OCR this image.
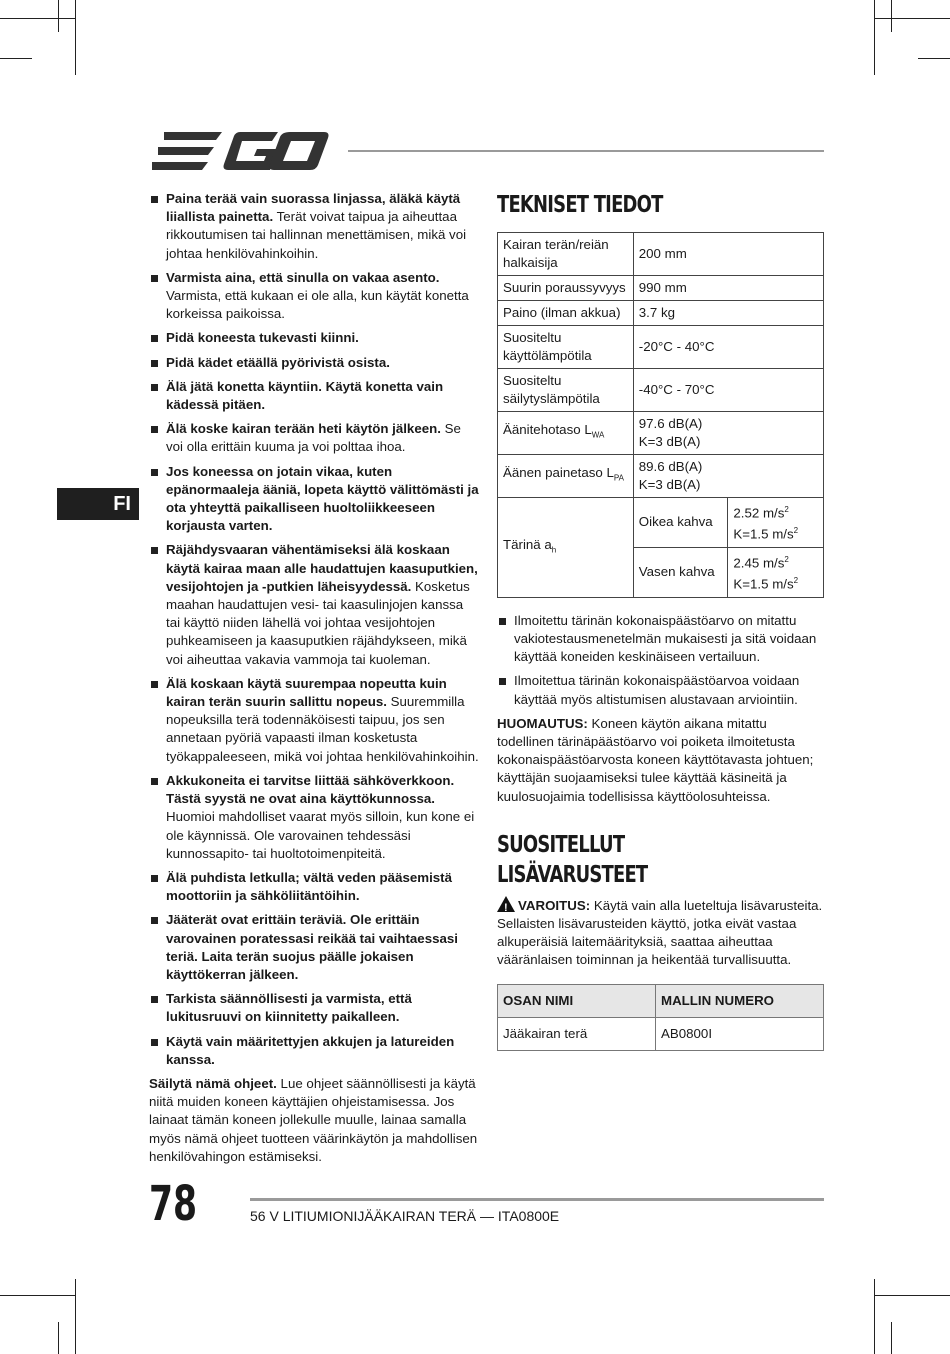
FI
Paina terää vain suorassa linjassa, äläkä käytä liiallista painetta. Terät voivat taipua ja aiheuttaa rikkoutumisen tai hallinnan menettämisen, mikä voi johtaa henkilövahinkoihin.
Varmista aina, että sinulla on vakaa asento. Varmista, että kukaan ei ole alla, kun käytät konetta korkeissa paikoissa.
Pidä koneesta tukevasti kiinni.
Pidä kädet etäällä pyörivistä osista.
Älä jätä konetta käyntiin. Käytä konetta vain kädessä pitäen.
Älä koske kairan terään heti käytön jälkeen. Se voi olla erittäin kuuma ja voi polttaa ihoa.
Jos koneessa on jotain vikaa, kuten epänormaaleja ääniä, lopeta käyttö välittömästi ja ota yhteyttä paikalliseen huoltoliikkeeseen korjausta varten.
Räjähdysvaaran vähentämiseksi älä koskaan käytä kairaa maan alle haudattujen kaasuputkien, vesijohtojen ja -putkien läheisyydessä. Kosketus maahan haudattujen vesi- tai kaasulinjojen kanssa tai käyttö niiden lähellä voi johtaa vesijohtojen puhkeamiseen ja kaasuputkien räjähdykseen, mikä voi aiheuttaa vakavia vammoja tai kuoleman.
Älä koskaan käytä suurempaa nopeutta kuin kairan terän suurin sallittu nopeus. Suuremmilla nopeuksilla terä todennäköisesti taipuu, jos sen annetaan pyöriä vapaasti ilman kosketusta työkappaleeseen, mikä voi johtaa henkilövahinkoihin.
Akkukoneita ei tarvitse liittää sähköverkkoon. Tästä syystä ne ovat aina käyttökunnossa. Huomioi mahdolliset vaarat myös silloin, kun kone ei ole käynnissä. Ole varovainen tehdessäsi kunnossapito- tai huoltotoimenpiteitä.
Älä puhdista letkulla; vältä veden pääsemistä moottoriin ja sähköliitäntöihin.
Jääterät ovat erittäin teräviä. Ole erittäin varovainen poratessasi reikää tai vaihtaessasi teriä. Laita terän suojus päälle jokaisen käyttökerran jälkeen.
Tarkista säännöllisesti ja varmista, että lukitusruuvi on kiinnitetty paikalleen.
Käytä vain määritettyjen akkujen ja latureiden kanssa.

Säilytä nämä ohjeet. Lue ohjeet säännöllisesti ja käytä niitä muiden koneen käyttäjien ohjeistamisessa. Jos lainaat tämän koneen jollekulle muulle, lainaa samalla myös nämä ohjeet tuotteen väärinkäytön ja mahdollisen henkilövahingon estämiseksi.

TEKNISET TIEDOT
Kairan terän/reiän halkaisija	200 mm	
Suurin poraussyvyys	990 mm	
Paino (ilman akkua)	3.7 kg	
Suositeltu käyttölämpötila	-20°C - 40°C	
Suositeltu säilytyslämpötila	-40°C - 70°C	
Äänitehotaso $L_{WA}$	97.6 dB(A)
K=3 dB(A)	

Äänen painetaso $L_{PA}$	89.6 dB(A)
K=3 dB(A)	

Tärinä $a_h$	Oikea kahva	2.52 $m/s^2$
K=1.5 $m/s^2$

	Vasen kahva	2.45 $m/s^2$
K=1.5 $m/s^2$
Ilmoitettu tärinän kokonaispäästöarvo on mitattu vakiotestausmenetelmän mukaisesti ja sitä voidaan käyttää koneiden keskinäiseen vertailuun.
Ilmoitettua tärinän kokonaispäästöarvoa voidaan käyttää myös altistumisen alustavaan arviointiin.

HUOMAUTUS: Koneen käytön aikana mitattu todellinen tärinäpäästöarvo voi poiketa ilmoitetusta kokonaispäästöarvosta koneen käyttötavasta johtuen; käyttäjän suojaamiseksi tulee käyttää käsineitä ja kuulosuojaimia todellisissa käyttöolosuhteissa.

SUOSITELLUT LISÄVARUSTEET

! VAROITUS: Käytä vain alla lueteltuja lisävarusteita. Sellaisten lisävarusteiden käyttö, jotka eivät vastaa alkuperäisiä laitemäärityksiä, saattaa aiheuttaa vääränlaisen toiminnan ja heikentää turvallisuutta.

OSAN NIMI	MALLIN NUMERO
Jääkairan terä	AB0800I
78	56 V LITIUMIONIJÄÄKAIRAN TERÄ — ITA0800E
